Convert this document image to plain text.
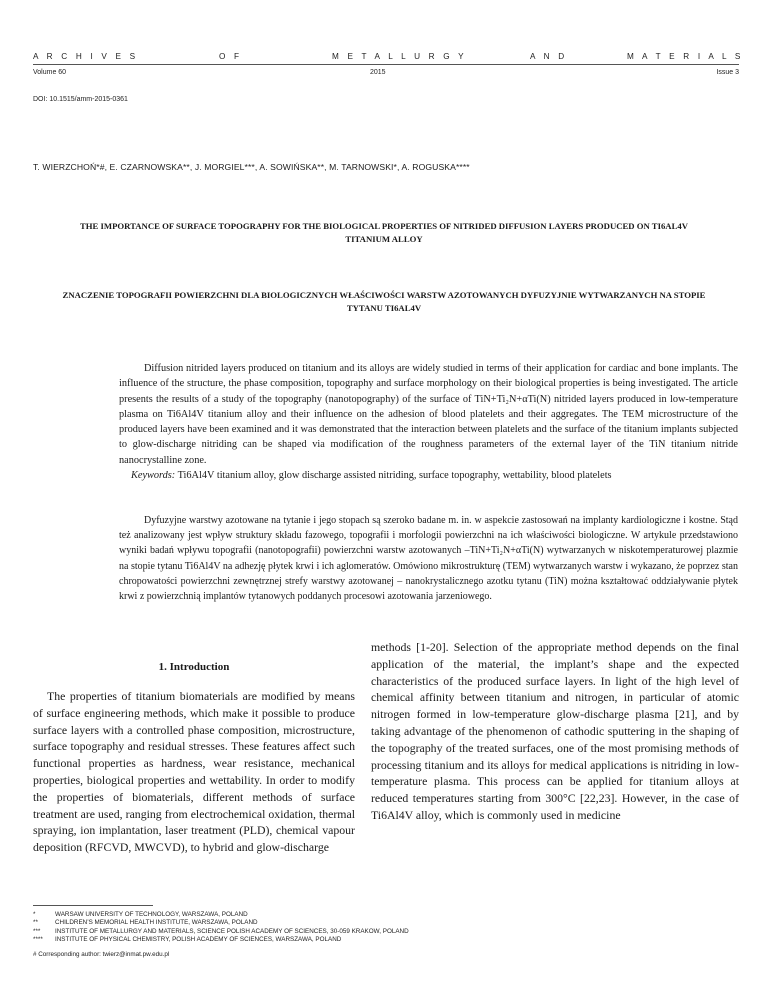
A R C H I V E S	O F	M E T A L L U R G Y	A N D	M A T E R I A L S
Volume 60	2015	Issue 3
DOI: 10.1515/amm-2015-0361
T. WIERZCHOŃ*#, E. CZARNOWSKA**, J. MORGIEL***, A. SOWIŃSKA**, M. TARNOWSKI*, A. ROGUSKA****
THE IMPORTANCE OF SURFACE TOPOGRAPHY FOR THE BIOLOGICAL PROPERTIES OF NITRIDED DIFFUSION LAYERS PRODUCED ON TI6AL4V TITANIUM ALLOY
ZNACZENIE TOPOGRAFII POWIERZCHNI DLA BIOLOGICZNYCH WŁAŚCIWOŚCI WARSTW AZOTOWANYCH DYFUZYJNIE WYTWARZANYCH NA STOPIE TYTANU TI6AL4V

Diffusion nitrided layers produced on titanium and its alloys are widely studied in terms of their application for cardiac and bone implants. The influence of the structure, the phase composition, topography and surface morphology on their biological properties is being investigated. The article presents the results of a study of the topography (nanotopography) of the surface of TiN+Ti₂N+αTi(N) nitrided layers produced in low-temperature plasma on Ti6Al4V titanium alloy and their influence on the adhesion of blood platelets and their aggregates. The TEM microstructure of the produced layers have been examined and it was demonstrated that the interaction between platelets and the surface of the titanium implants subjected to glow-discharge nitriding can be shaped via modification of the roughness parameters of the external layer of the TiN titanium nitride nanocrystalline zone.

Keywords: Ti6Al4V titanium alloy, glow discharge assisted nitriding, surface topography, wettability, blood platelets

Dyfuzyjne warstwy azotowane na tytanie i jego stopach są szeroko badane m. in. w aspekcie zastosowań na implanty kardiologiczne i kostne. Stąd też analizowany jest wpływ struktury składu fazowego, topografii i morfologii powierzchni na ich właściwości biologiczne. W artykule przedstawiono wyniki badań wpływu topografii (nanotopografii) powierzchni warstw azotowanych –TiN+Ti₂N+αTi(N) wytwarzanych w niskotemperaturowej plazmie na stopie tytanu Ti6Al4V na adhezję płytek krwi i ich aglomeratów. Omówiono mikrostrukturę (TEM) wytwarzanych warstw i wykazano, że poprzez stan chropowatości powierzchni zewnętrznej strefy warstwy azotowanej – nanokrystalicznego azotku tytanu (TiN) można kształtować oddziaływanie płytek krwi z powierzchnią implantów tytanowych poddanych procesowi azotowania jarzeniowego.

1. Introduction

The properties of titanium biomaterials are modified by means of surface engineering methods, which make it possible to produce surface layers with a controlled phase composition, microstructure, surface topography and residual stresses. These features affect such functional properties as hardness, wear resistance, mechanical properties, biological properties and wettability. In order to modify the properties of biomaterials, different methods of surface treatment are used, ranging from electrochemical oxidation, thermal spraying, ion implantation, laser treatment (PLD), chemical vapour deposition (RFCVD, MWCVD), to hybrid and glow-discharge

methods [1-20]. Selection of the appropriate method depends on the final application of the material, the implant’s shape and the expected characteristics of the produced surface layers. In light of the high level of chemical affinity between titanium and nitrogen, in particular of atomic nitrogen formed in low-temperature glow-discharge plasma [21], and by taking advantage of the phenomenon of cathodic sputtering in the shaping of the topography of the treated surfaces, one of the most promising methods of processing titanium and its alloys for medical applications is nitriding in low-temperature plasma. This process can be applied for titanium alloys at reduced temperatures starting from 300°C [22,23]. However, in the case of Ti6Al4V alloy, which is commonly used in medicine

*	WARSAW UNIVERSITY OF TECHNOLOGY, WARSZAWA, POLAND
**	CHILDREN’S MEMORIAL HEALTH INSTITUTE, WARSZAWA, POLAND
*** INSTITUTE OF METALLURGY AND MATERIALS, SCIENCE POLISH ACADEMY OF SCIENCES, 30-059 KRAKOW, POLAND
**** INSTITUTE OF PHYSICAL CHEMISTRY, POLISH ACADEMY OF SCIENCES, WARSZAWA, POLAND
# Corresponding author: twierz@inmat.pw.edu.pl
